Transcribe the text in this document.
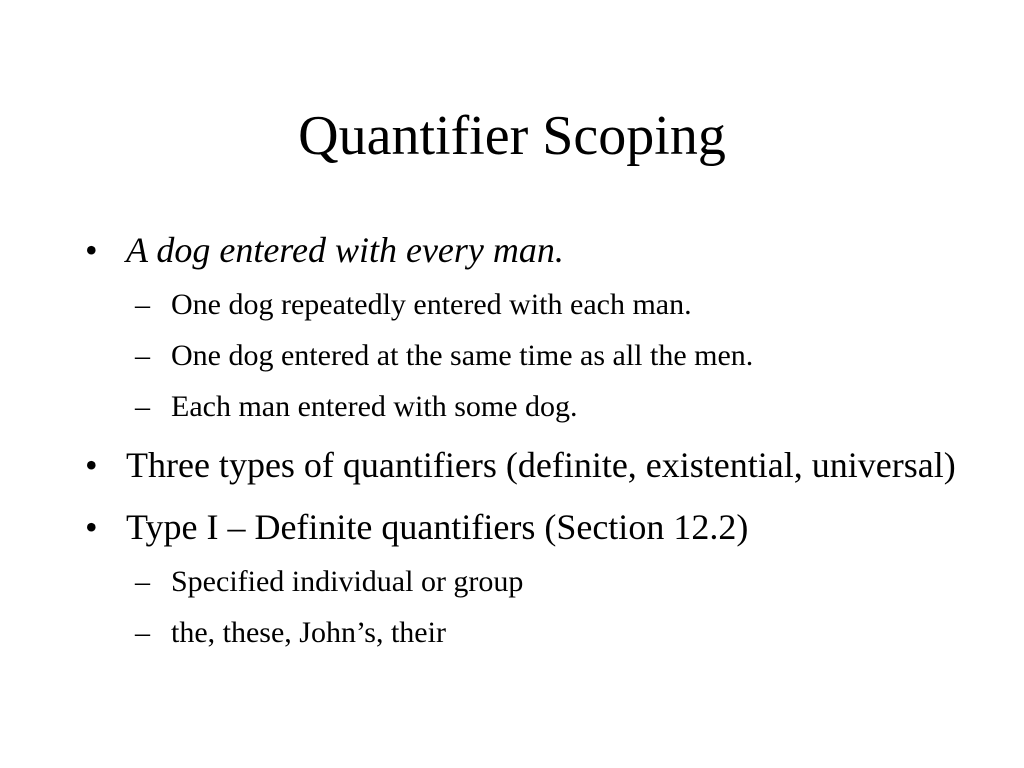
Quantifier Scoping
• A dog entered with every man.
– One dog repeatedly entered with each man.
– One dog entered at the same time as all the men.
– Each man entered with some dog.
• Three types of quantifiers (definite, existential, universal)
• Type I – Definite quantifiers (Section 12.2)
– Specified individual or group
– the, these, John’s, their
